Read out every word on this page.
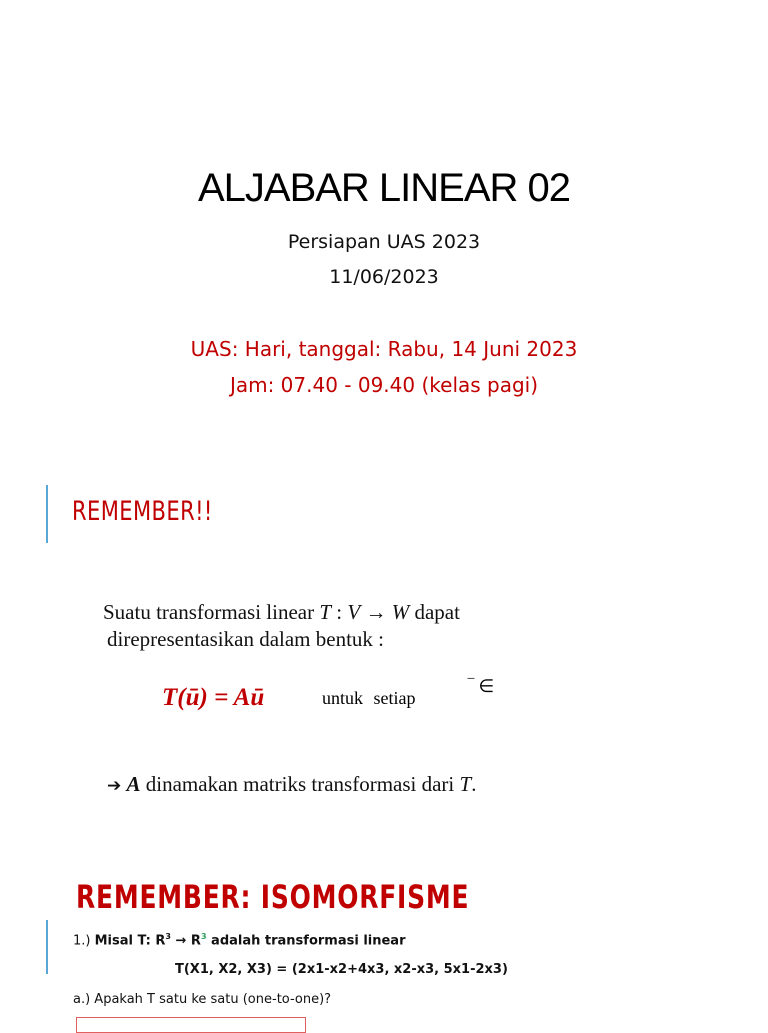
ALJABAR LINEAR 02
Persiapan UAS 2023
11/06/2023
UAS: Hari, tanggal: Rabu, 14 Juni 2023
Jam: 07.40 - 09.40 (kelas pagi)
REMEMBER!!
Suatu transformasi linear T : V → W dapat
direpresentasikan dalam bentuk :
T(ū) = Aū	untuk setiap
‾ ∈
➔ A dinamakan matriks transformasi dari T.
REMEMBER: ISOMORFISME
1.) Misal T: $R^3 \to R^3$ adalah transformasi linear
T(X1, X2, X3) = (2x1-x2+4x3, x2-x3, 5x1-2x3)
a.) Apakah T satu ke satu (one-to-one)?
